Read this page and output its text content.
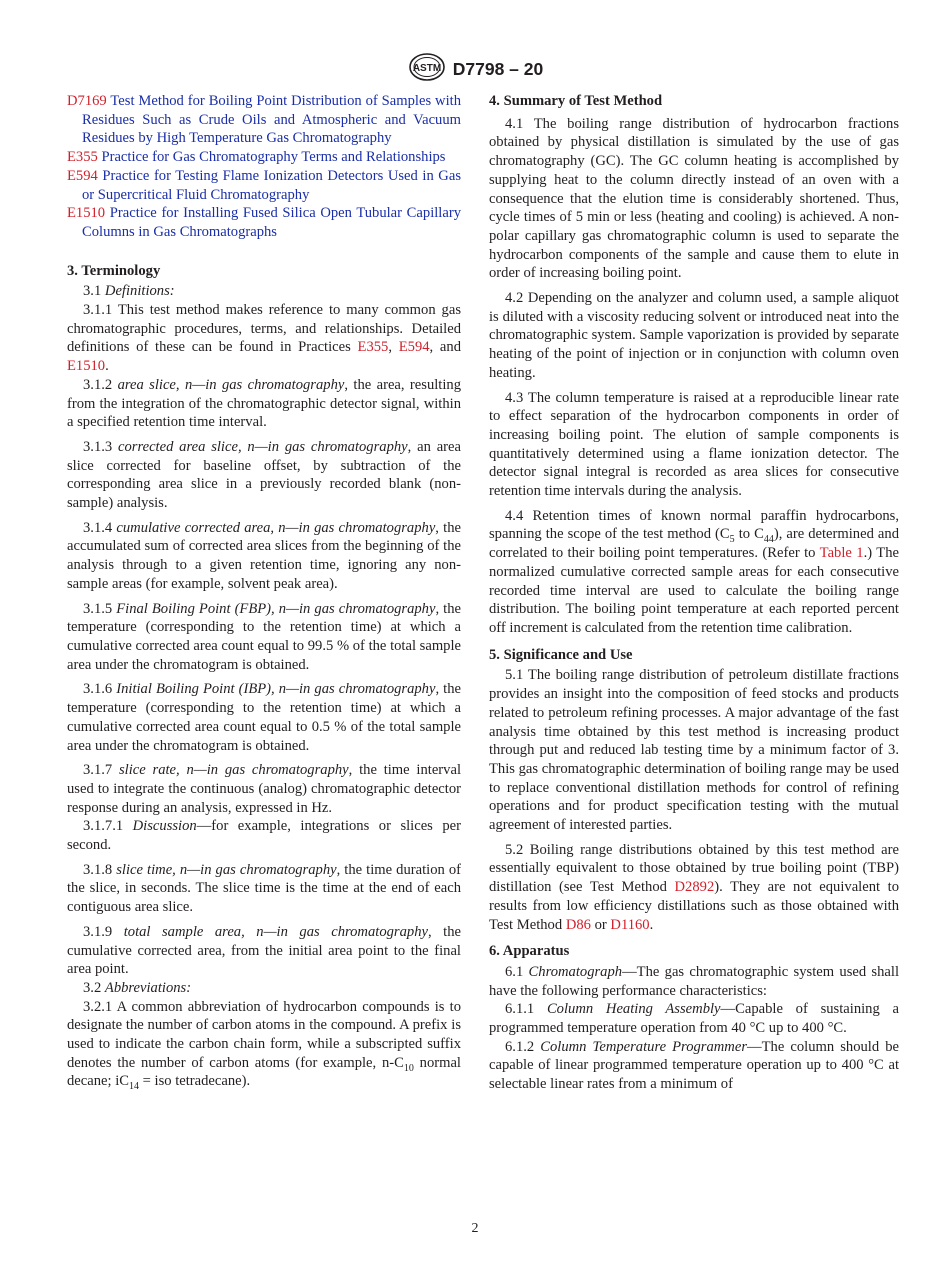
ASTM D7798 – 20

D7169 Test Method for Boiling Point Distribution of Samples with Residues Such as Crude Oils and Atmospheric and Vacuum Residues by High Temperature Gas Chromatography

E355 Practice for Gas Chromatography Terms and Relationships

E594 Practice for Testing Flame Ionization Detectors Used in Gas or Supercritical Fluid Chromatography

E1510 Practice for Installing Fused Silica Open Tubular Capillary Columns in Gas Chromatographs

3. Terminology

3.1 Definitions:

3.1.1 This test method makes reference to many common gas chromatographic procedures, terms, and relationships. Detailed definitions of these can be found in Practices E355, E594, and E1510.

3.1.2 area slice, n—in gas chromatography, the area, resulting from the integration of the chromatographic detector signal, within a specified retention time interval.

3.1.3 corrected area slice, n—in gas chromatography, an area slice corrected for baseline offset, by subtraction of the corresponding area slice in a previously recorded blank (non-sample) analysis.

3.1.4 cumulative corrected area, n—in gas chromatography, the accumulated sum of corrected area slices from the beginning of the analysis through to a given retention time, ignoring any non-sample areas (for example, solvent peak area).

3.1.5 Final Boiling Point (FBP), n—in gas chromatography, the temperature (corresponding to the retention time) at which a cumulative corrected area count equal to 99.5 % of the total sample area under the chromatogram is obtained.

3.1.6 Initial Boiling Point (IBP), n—in gas chromatography, the temperature (corresponding to the retention time) at which a cumulative corrected area count equal to 0.5 % of the total sample area under the chromatogram is obtained.

3.1.7 slice rate, n—in gas chromatography, the time interval used to integrate the continuous (analog) chromatographic detector response during an analysis, expressed in Hz.

3.1.7.1 Discussion—for example, integrations or slices per second.

3.1.8 slice time, n—in gas chromatography, the time duration of the slice, in seconds. The slice time is the time at the end of each contiguous area slice.

3.1.9 total sample area, n—in gas chromatography, the cumulative corrected area, from the initial area point to the final area point.

3.2 Abbreviations:

3.2.1 A common abbreviation of hydrocarbon compounds is to designate the number of carbon atoms in the compound. A prefix is used to indicate the carbon chain form, while a subscripted suffix denotes the number of carbon atoms (for example, $n-C_{10}$ normal decane; $iC_{14}$ = iso tetradecane).

4. Summary of Test Method

4.1 The boiling range distribution of hydrocarbon fractions obtained by physical distillation is simulated by the use of gas chromatography (GC). The GC column heating is accomplished by supplying heat to the column directly instead of an oven with a consequence that the elution time is considerably shortened. Thus, cycle times of 5 min or less (heating and cooling) is achieved. A non-polar capillary gas chromatographic column is used to separate the hydrocarbon components of the sample and cause them to elute in order of increasing boiling point.

4.2 Depending on the analyzer and column used, a sample aliquot is diluted with a viscosity reducing solvent or introduced neat into the chromatographic system. Sample vaporization is provided by separate heating of the point of injection or in conjunction with column oven heating.

4.3 The column temperature is raised at a reproducible linear rate to effect separation of the hydrocarbon components in order of increasing boiling point. The elution of sample components is quantitatively determined using a flame ionization detector. The detector signal integral is recorded as area slices for consecutive retention time intervals during the analysis.

4.4 Retention times of known normal paraffin hydrocarbons, spanning the scope of the test method ($C_5$ to $C_{44}$), are determined and correlated to their boiling point temperatures. (Refer to Table 1.) The normalized cumulative corrected sample areas for each consecutive recorded time interval are used to calculate the boiling range distribution. The boiling point temperature at each reported percent off increment is calculated from the retention time calibration.

5. Significance and Use

5.1 The boiling range distribution of petroleum distillate fractions provides an insight into the composition of feed stocks and products related to petroleum refining processes. A major advantage of the fast analysis time obtained by this test method is increasing product through put and reduced lab testing time by a minimum factor of 3. This gas chromatographic determination of boiling range may be used to replace conventional distillation methods for control of refining operations and for product specification testing with the mutual agreement of interested parties.

5.2 Boiling range distributions obtained by this test method are essentially equivalent to those obtained by true boiling point (TBP) distillation (see Test Method D2892). They are not equivalent to results from low efficiency distillations such as those obtained with Test Method D86 or D1160.

6. Apparatus

6.1 Chromatograph—The gas chromatographic system used shall have the following performance characteristics:

6.1.1 Column Heating Assembly—Capable of sustaining a programmed temperature operation from 40 °C up to 400 °C.

6.1.2 Column Temperature Programmer—The column should be capable of linear programmed temperature operation up to 400 °C at selectable linear rates from a minimum of

2
